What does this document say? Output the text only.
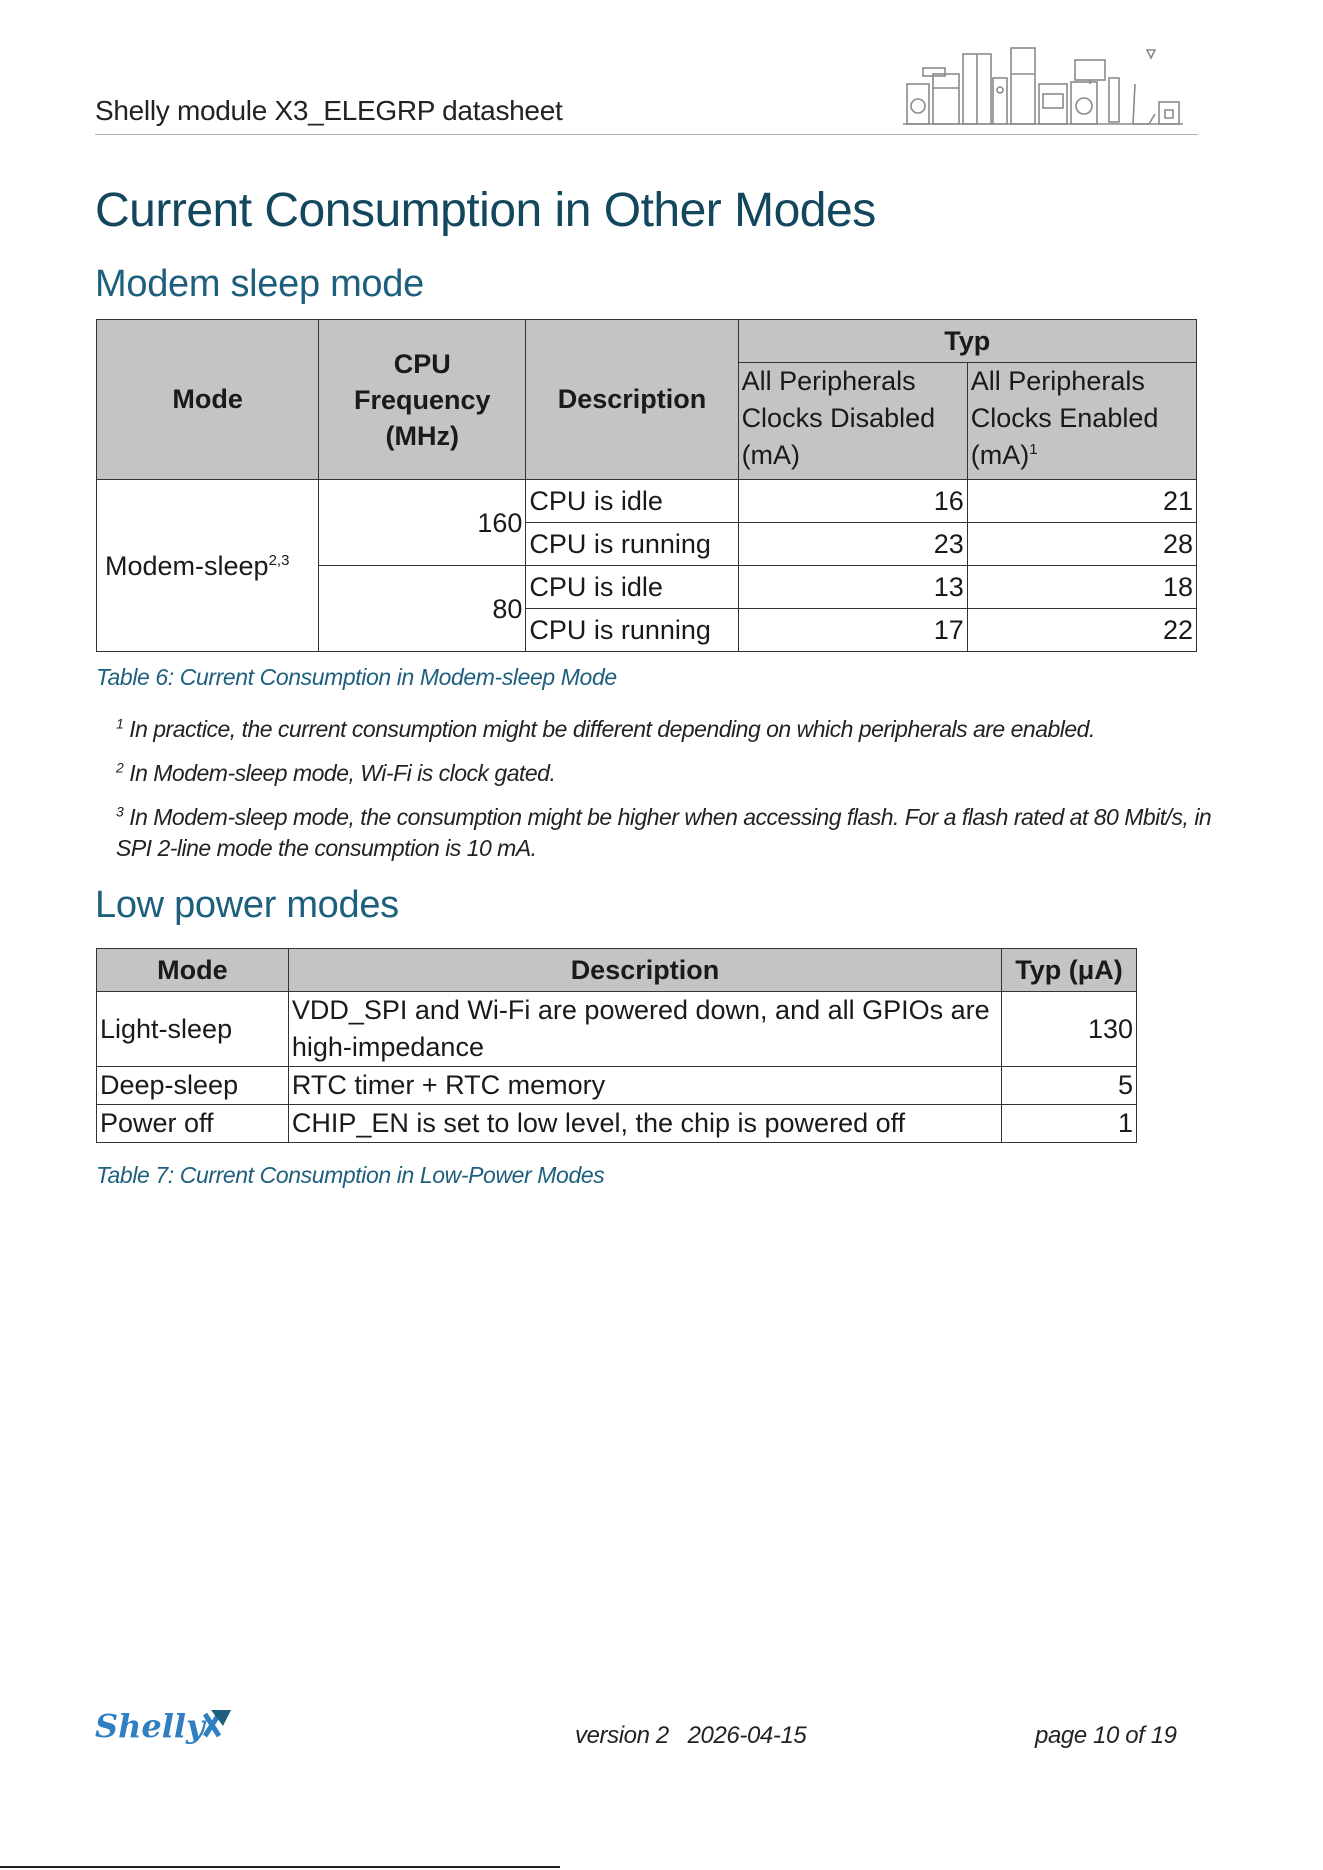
Shelly module X3_ELEGRP datasheet
Current Consumption in Other Modes
Modem sleep mode
Mode	CPU Frequency (MHz)	Description	Typ	
			All Peripherals Clocks Disabled (mA)	All Peripherals Clocks Enabled (mA)$^1$
Modem-sleep$^{2,3}$	160	CPU is idle	16	21
		CPU is running	23	28
	80	CPU is idle	13	18
		CPU is running	17	22
Table 6: Current Consumption in Modem-sleep Mode
$^1$ In practice, the current consumption might be different depending on which peripherals are enabled.
$^2$ In Modem-sleep mode, Wi-Fi is clock gated.
$^3$ In Modem-sleep mode, the consumption might be higher when accessing flash. For a flash rated at 80 Mbit/s, in SPI 2-line mode the consumption is 10 mA.
Low power modes
Mode	Description	Typ (μA)
Light-sleep	VDD_SPI and Wi-Fi are powered down, and all GPIOs are high-impedance	130
Deep-sleep	RTC timer + RTC memory	5
Power off	CHIP_EN is set to low level, the chip is powered off	1
Table 7: Current Consumption in Low-Power Modes
Shelly	version 2   2026-04-15	page 10 of 19
